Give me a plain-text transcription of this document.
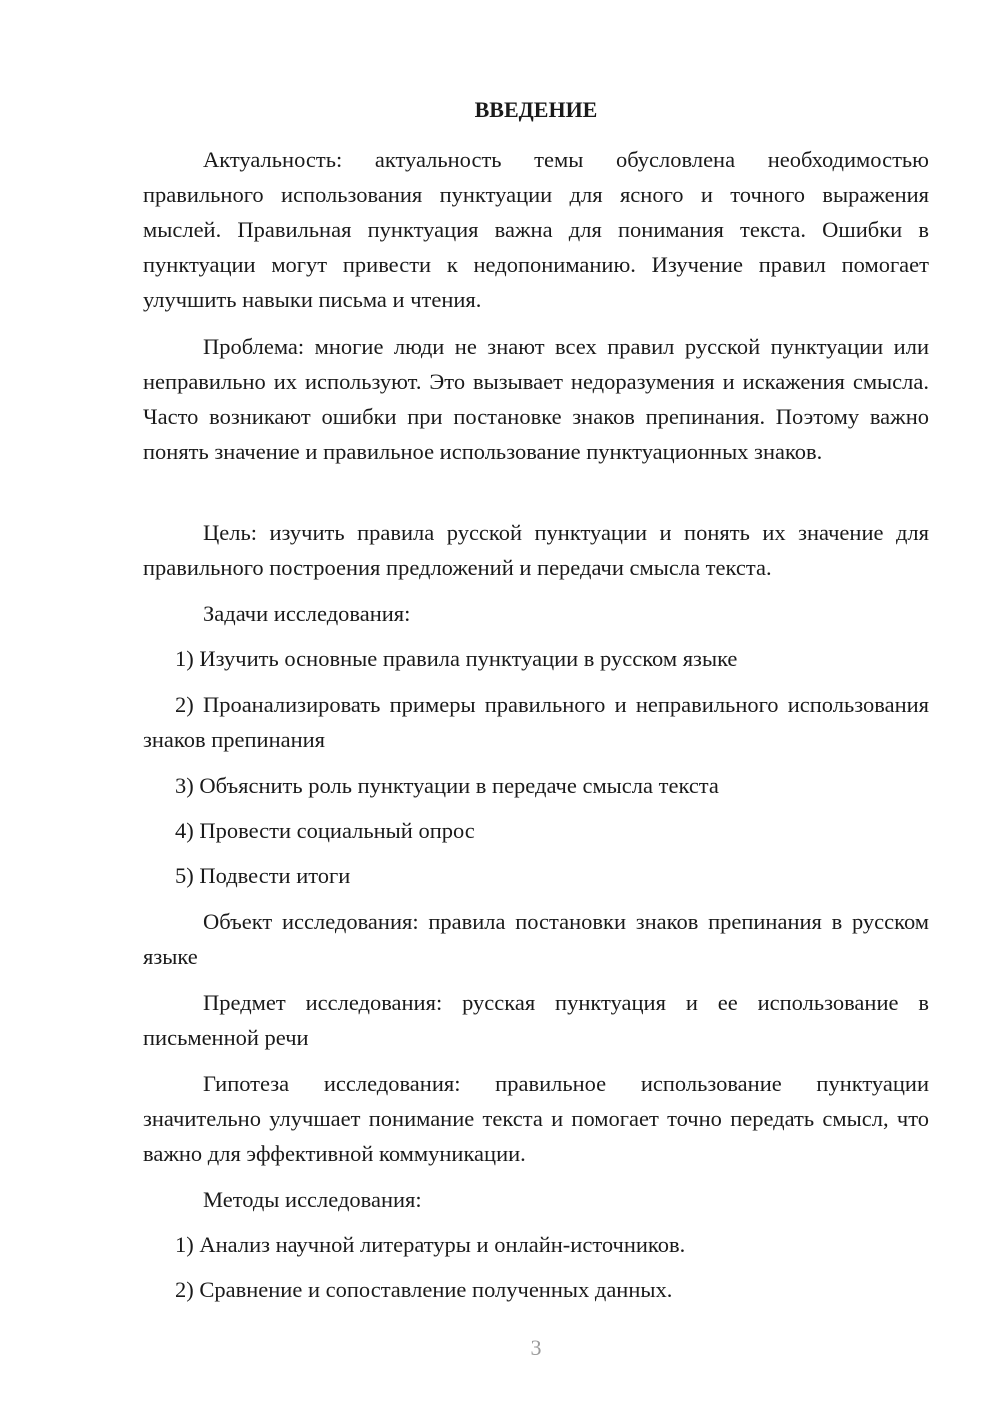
ВВЕДЕНИЕ
Актуальность: актуальность темы обусловлена необходимостью правильного использования пунктуации для ясного и точного выражения мыслей. Правильная пунктуация важна для понимания текста. Ошибки в пунктуации могут привести к недопониманию. Изучение правил помогает улучшить навыки письма и чтения.
Проблема: многие люди не знают всех правил русской пунктуации или неправильно их используют. Это вызывает недоразумения и искажения смысла. Часто возникают ошибки при постановке знаков препинания. Поэтому важно понять значение и правильное использование пунктуационных знаков.
Цель: изучить правила русской пунктуации и понять их значение для правильного построения предложений и передачи смысла текста.
Задачи исследования:
1) Изучить основные правила пунктуации в русском языке
2) Проанализировать примеры правильного и неправильного использования знаков препинания
3) Объяснить роль пунктуации в передаче смысла текста
4) Провести социальный опрос
5) Подвести итоги
Объект исследования: правила постановки знаков препинания в русском языке
Предмет исследования: русская пунктуация и ее использование в письменной речи
Гипотеза исследования: правильное использование пунктуации значительно улучшает понимание текста и помогает точно передать смысл, что важно для эффективной коммуникации.
Методы исследования:
1) Анализ научной литературы и онлайн-источников.
2) Сравнение и сопоставление полученных данных.
3
